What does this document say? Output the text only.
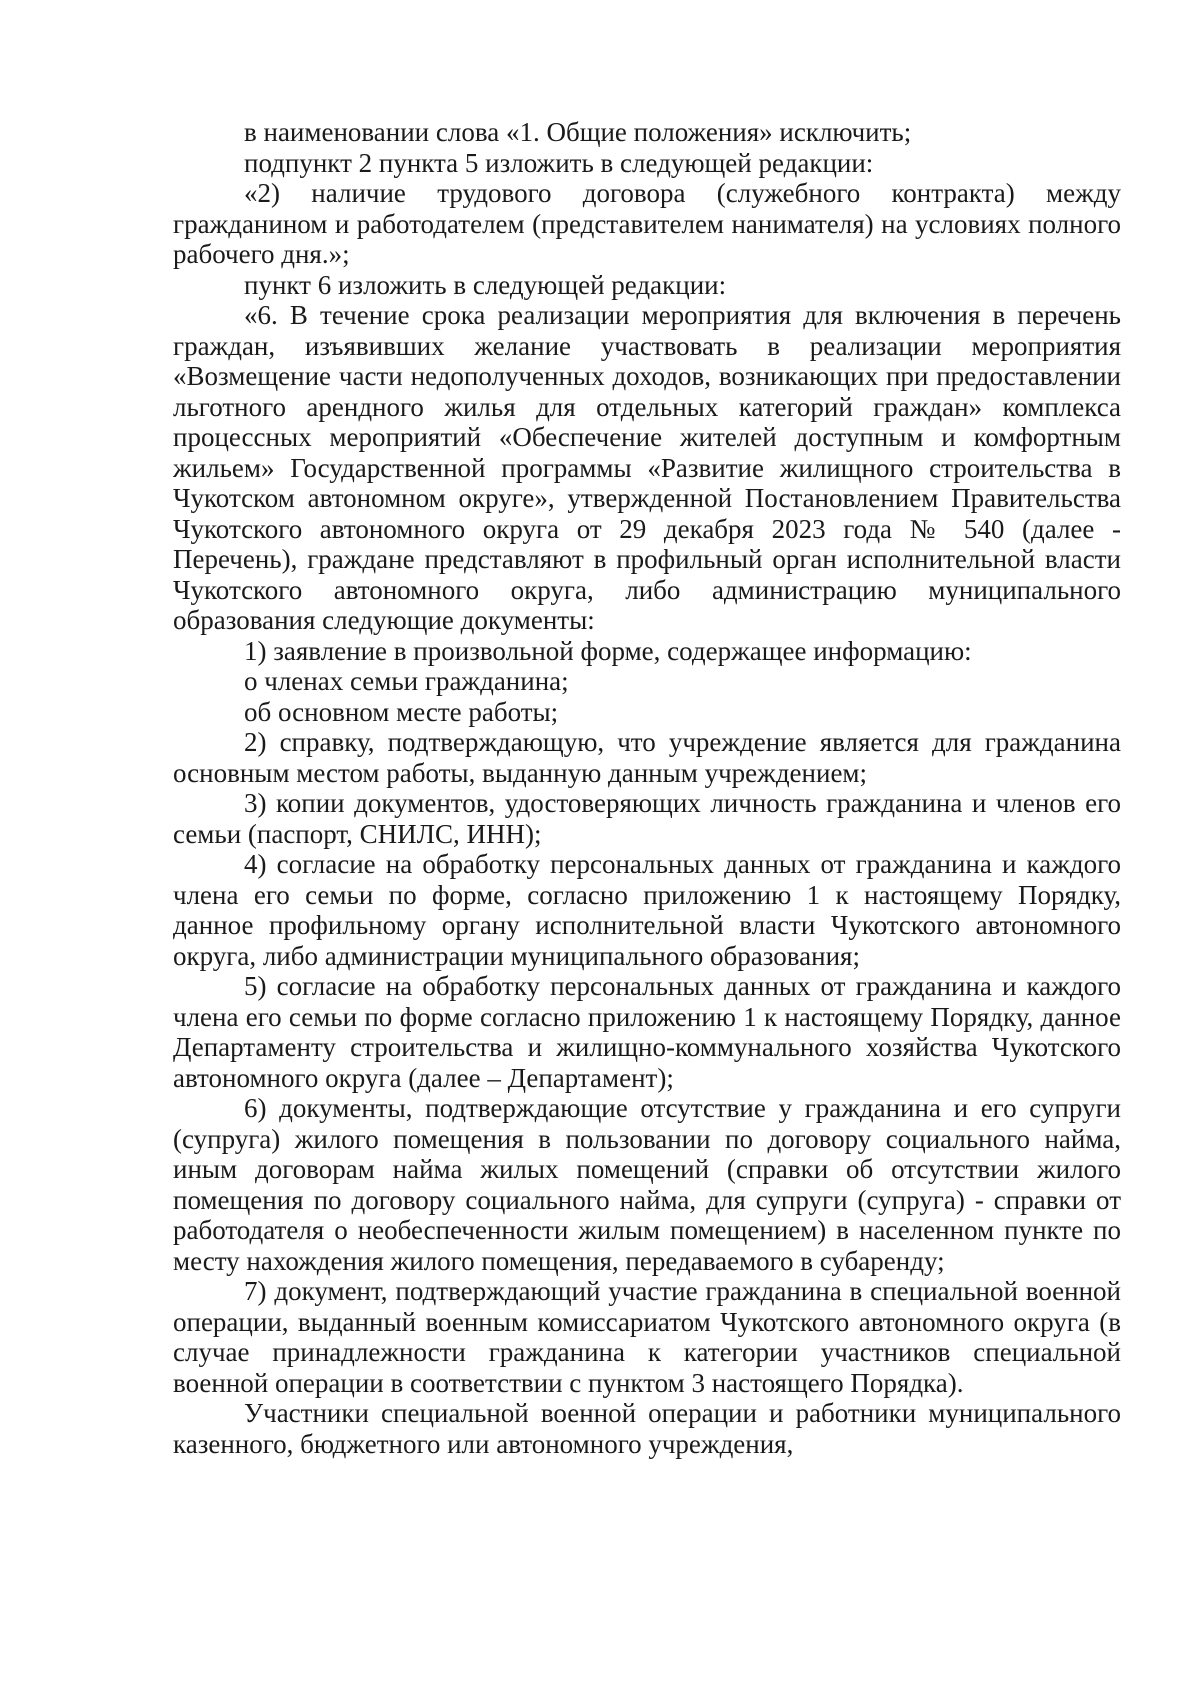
в наименовании слова «1. Общие положения» исключить;

подпункт 2 пункта 5 изложить в следующей редакции:

«2) наличие трудового договора (служебного контракта) между гражданином и работодателем (представителем нанимателя) на условиях полного рабочего дня.»;

пункт 6 изложить в следующей редакции:

«6. В течение срока реализации мероприятия для включения в перечень граждан, изъявивших желание участвовать в реализации мероприятия «Возмещение части недополученных доходов, возникающих при предоставлении льготного арендного жилья для отдельных категорий граждан» комплекса процессных мероприятий «Обеспечение жителей доступным и комфортным жильем» Государственной программы «Развитие жилищного строительства в Чукотском автономном округе», утвержденной Постановлением Правительства Чукотского автономного округа от 29 декабря 2023 года № 540 (далее - Перечень), граждане представляют в профильный орган исполнительной власти Чукотского автономного округа, либо администрацию муниципального образования следующие документы:

1) заявление в произвольной форме, содержащее информацию:

о членах семьи гражданина;

об основном месте работы;

2) справку, подтверждающую, что учреждение является для гражданина основным местом работы, выданную данным учреждением;

3) копии документов, удостоверяющих личность гражданина и членов его семьи (паспорт, СНИЛС, ИНН);

4) согласие на обработку персональных данных от гражданина и каждого члена его семьи по форме, согласно приложению 1 к настоящему Порядку, данное профильному органу исполнительной власти Чукотского автономного округа, либо администрации муниципального образования;

5) согласие на обработку персональных данных от гражданина и каждого члена его семьи по форме согласно приложению 1 к настоящему Порядку, данное Департаменту строительства и жилищно-коммунального хозяйства Чукотского автономного округа (далее – Департамент);

6) документы, подтверждающие отсутствие у гражданина и его супруги (супруга) жилого помещения в пользовании по договору социального найма, иным договорам найма жилых помещений (справки об отсутствии жилого помещения по договору социального найма, для супруги (супруга) - справки от работодателя о необеспеченности жилым помещением) в населенном пункте по месту нахождения жилого помещения, передаваемого в субаренду;

7) документ, подтверждающий участие гражданина в специальной военной операции, выданный военным комиссариатом Чукотского автономного округа (в случае принадлежности гражданина к категории участников специальной военной операции в соответствии с пунктом 3 настоящего Порядка).

Участники специальной военной операции и работники муниципального казенного, бюджетного или автономного учреждения,
